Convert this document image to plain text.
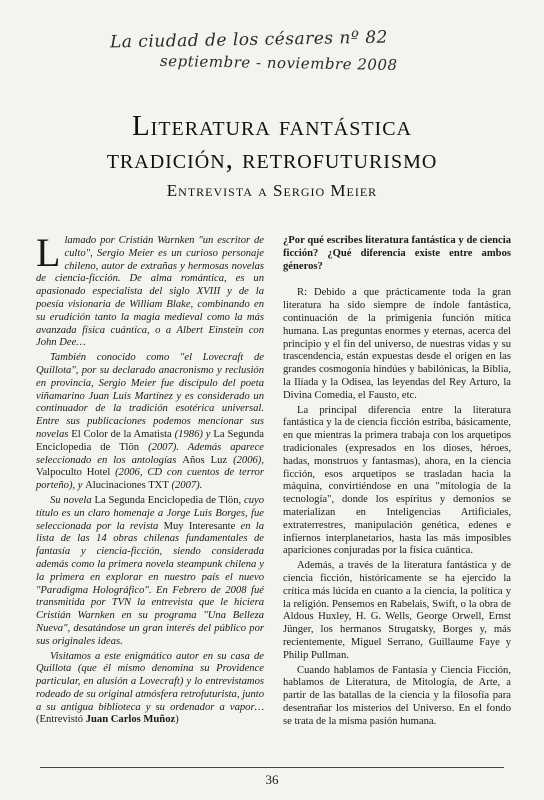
La ciudad de los césares nº 82
septiembre - noviembre 2008
Literatura fantástica
tradición, retrofuturismo
Entrevista a Sergio Meier

Llamado por Cristián Warnken "un escritor de culto", Sergio Meier es un curioso personaje chileno, autor de extrañas y hermosas novelas de ciencia-ficción. De alma romántica, es un apasionado especialista del siglo XVIII y de la poesía visionaria de William Blake, combinando en su erudición tanto la magia medieval como la más avanzada física cuántica, o a Albert Einstein con John Dee…

También conocido como "el Lovecraft de Quillota", por su declarado anacronismo y reclusión en provincia, Sergio Meier fue discípulo del poeta viñamarino Juan Luis Martínez y es considerado un continuador de la tradición esotérica universal. Entre sus publicaciones podemos mencionar sus novelas El Color de la Amatista (1986) y La Segunda Enciclopedia de Tlön (2007). Además aparece seleccionado en los antologías Años Luz (2006), Valpoculto Hotel (2006, CD con cuentos de terror porteño), y Alucinaciones TXT (2007).

Su novela La Segunda Enciclopedia de Tlön, cuyo título es un claro homenaje a Jorge Luis Borges, fue seleccionada por la revista Muy Interesante en la lista de las 14 obras chilenas fundamentales de fantasía y ciencia-ficción, siendo considerada además como la primera novela steampunk chilena y la primera en explorar en nuestro país el nuevo "Paradigma Holográfico". En Febrero de 2008 fué transmitida por TVN la entrevista que le hiciera Cristián Warnken en su programa "Una Belleza Nueva", desatándose un gran interés del público por sus originales ideas.

Visitamos a este enigmático autor en su casa de Quillota (que él mismo denomina su Providence particular, en alusión a Lovecraft) y lo entrevistamos rodeado de su original atmósfera retrofuturista, junto a su antigua biblioteca y su ordenador a vapor… (Entrevistó Juan Carlos Muñoz)

¿Por qué escribes literatura fantástica y de ciencia ficción? ¿Qué diferencia existe entre ambos géneros?

R: Debido a que prácticamente toda la gran literatura ha sido siempre de índole fantástica, continuación de la primigenia función mítica humana. Las preguntas enormes y eternas, acerca del principio y el fin del universo, de nuestras vidas y su trascendencia, están expuestas desde el origen en las grandes cosmogonía hindúes y babilónicas, la Biblia, la Ilíada y la Odisea, las leyendas del Rey Arturo, la Divina Comedia, el Fausto, etc.

La principal diferencia entre la literatura fantástica y la de ciencia ficción estriba, básicamente, en que mientras la primera trabaja con los arquetipos tradicionales (expresados en los dioses, héroes, hadas, monstruos y fantasmas), ahora, en la ciencia ficción, esos arquetipos se trasladan hacia la máquina, convirtiéndose en una "mitología de la tecnología", donde los espíritus y demonios se materializan en Inteligencias Artificiales, extraterrestres, manipulación genética, edenes e infiernos interplanetarios, hasta las más imposibles apariciones conjuradas por la física cuántica.

Además, a través de la literatura fantástica y de ciencia ficción, históricamente se ha ejercido la crítica más lúcida en cuanto a la ciencia, la política y la religión. Pensemos en Rabelais, Swift, o la obra de Aldous Huxley, H. G. Wells, George Orwell, Ernst Jünger, los hermanos Strugatsky, Borges y, más recientemente, Miguel Serrano, Guillaume Faye y Philip Pullman.

Cuando hablamos de Fantasía y Ciencia Ficción, hablamos de Literatura, de Mitología, de Arte, a partir de las batallas de la ciencia y la filosofía para desentrañar los misterios del Universo. En el fondo se trata de la misma pasión humana.

36
